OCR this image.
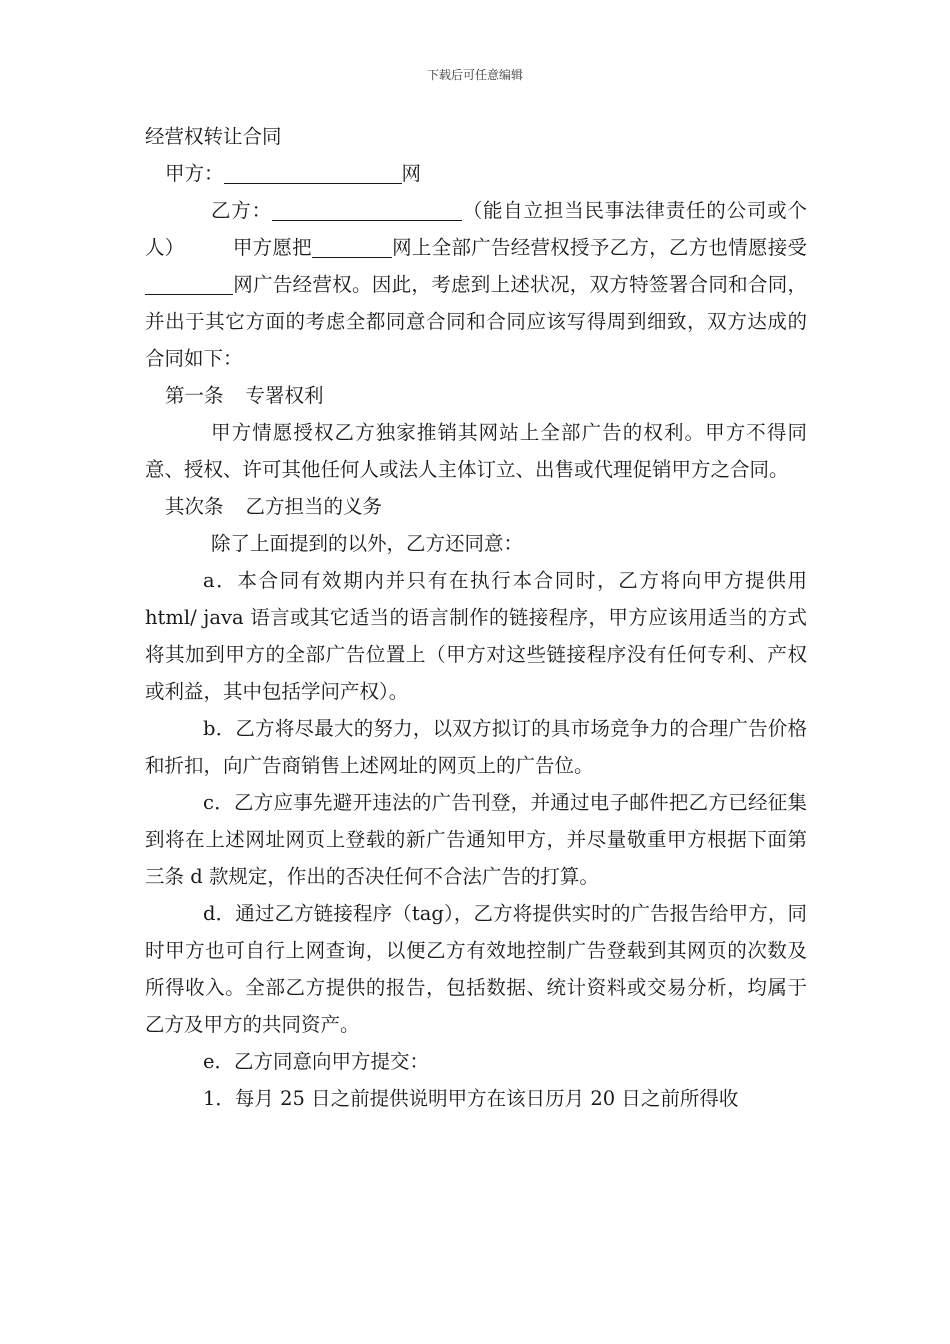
下载后可任意编辑

经营权转让合同

甲方：	网

乙方：	（能自立担当民事法律责任的公司或个人） 甲方愿把	网上全部广告经营权授予乙方，乙方也情愿接受网广告经营权。因此，考虑到上述状况，双方特签署合同和合同，并出于其它方面的考虑全都同意合同和合同应该写得周到细致，双方达成的合同如下：

第一条 专署权利

甲方情愿授权乙方独家推销其网站上全部广告的权利。甲方不得同意、授权、许可其他任何人或法人主体订立、出售或代理促销甲方之合同。

其次条 乙方担当的义务

除了上面提到的以外，乙方还同意：

a．本合同有效期内并只有在执行本合同时，乙方将向甲方提供用 html/ java 语言或其它适当的语言制作的链接程序，甲方应该用适当的方式将其加到甲方的全部广告位置上（甲方对这些链接程序没有任何专利、产权或利益，其中包括学问产权）。

b．乙方将尽最大的努力，以双方拟订的具市场竞争力的合理广告价格和折扣，向广告商销售上述网址的网页上的广告位。

c．乙方应事先避开违法的广告刊登，并通过电子邮件把乙方已经征集到将在上述网址网页上登载的新广告通知甲方，并尽量敬重甲方根据下面第三条 d 款规定，作出的否决任何不合法广告的打算。

d．通过乙方链接程序（tag），乙方将提供实时的广告报告给甲方，同时甲方也可自行上网查询，以便乙方有效地控制广告登载到其网页的次数及所得收入。全部乙方提供的报告，包括数据、统计资料或交易分析，均属于乙方及甲方的共同资产。

e．乙方同意向甲方提交：

1．每月 25 日之前提供说明甲方在该日历月 20 日之前所得收
